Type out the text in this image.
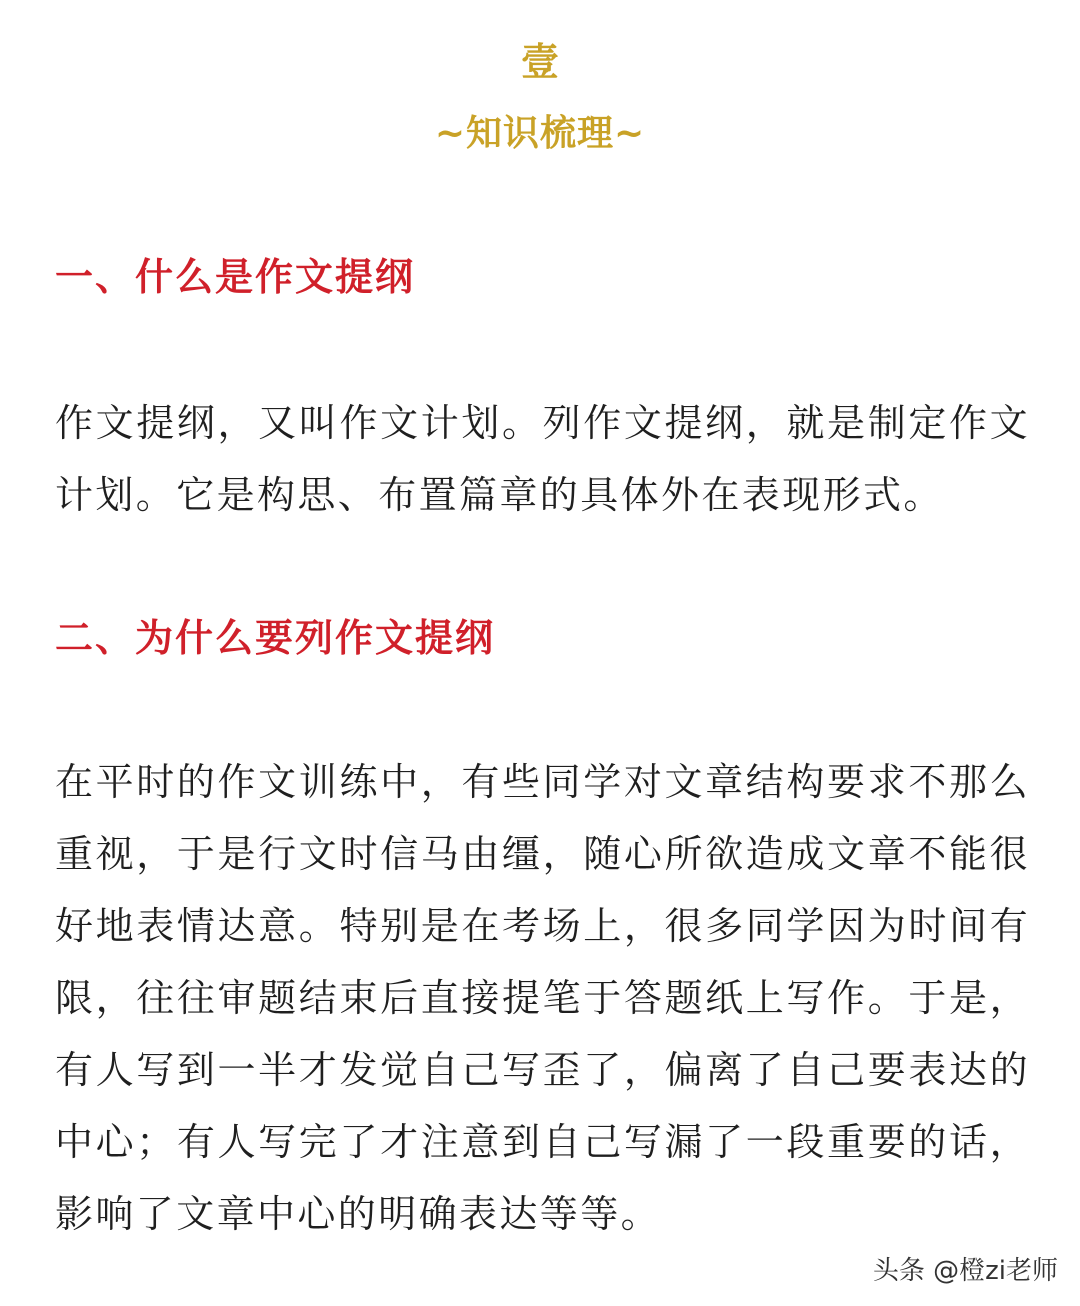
壹
~知识梳理~
一、什么是作文提纲
作文提纲，又叫作文计划。列作文提纲，就是制定作文计划。它是构思、布置篇章的具体外在表现形式。
二、为什么要列作文提纲
在平时的作文训练中，有些同学对文章结构要求不那么重视，于是行文时信马由缰，随心所欲造成文章不能很好地表情达意。特别是在考场上，很多同学因为时间有限，往往审题结束后直接提笔于答题纸上写作。于是，有人写到一半才发觉自己写歪了，偏离了自己要表达的中心；有人写完了才注意到自己写漏了一段重要的话，影响了文章中心的明确表达等等。
头条 @橙zi老师
